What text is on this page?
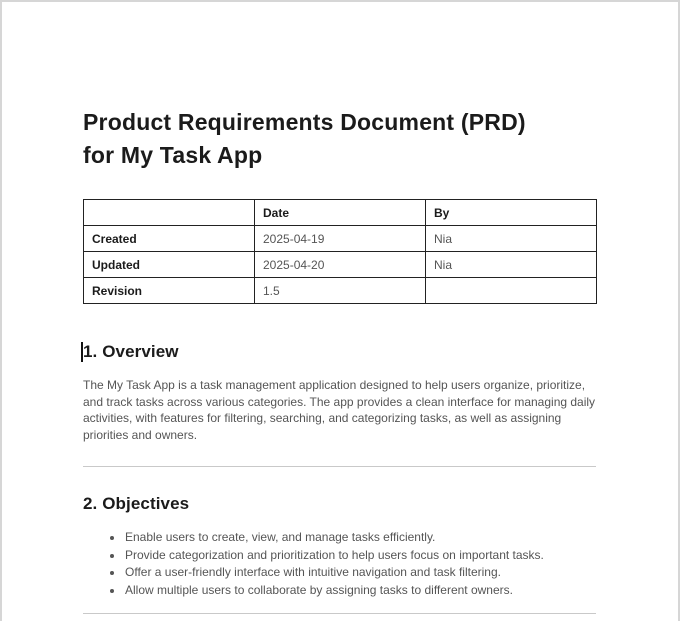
Product Requirements Document (PRD)
for My Task App
	Date	By
Created	2025-04-19	Nia
Updated	2025-04-20	Nia
Revision	1.5	
1. Overview

The My Task App is a task management application designed to help users organize, prioritize, and track tasks across various categories. The app provides a clean interface for managing daily activities, with features for filtering, searching, and categorizing tasks, as well as assigning priorities and owners.

2. Objectives
• Enable users to create, view, and manage tasks efficiently.
• Provide categorization and prioritization to help users focus on important tasks.
• Offer a user-friendly interface with intuitive navigation and task filtering.
• Allow multiple users to collaborate by assigning tasks to different owners.
